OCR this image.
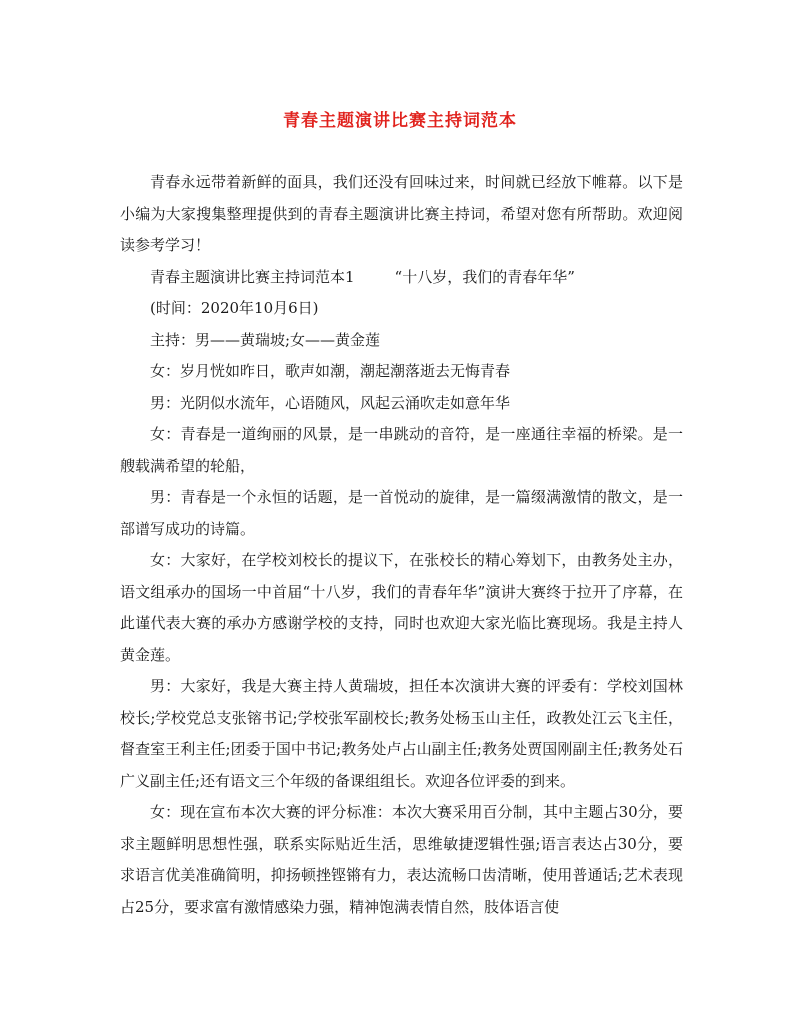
青春主题演讲比赛主持词范本

青春永远带着新鲜的面具，我们还没有回味过来，时间就已经放下帷幕。以下是小编为大家搜集整理提供到的青春主题演讲比赛主持词，希望对您有所帮助。欢迎阅读参考学习！

青春主题演讲比赛主持词范本1	“十八岁，我们的青春年华”

(时间：2020年10月6日)

主持：男——黄瑞坡;女——黄金莲

女：岁月恍如昨日，歌声如潮，潮起潮落逝去无悔青春

男：光阴似水流年，心语随风，风起云涌吹走如意年华

女：青春是一道绚丽的风景，是一串跳动的音符，是一座通往幸福的桥梁。是一艘载满希望的轮船，

男：青春是一个永恒的话题，是一首悦动的旋律，是一篇缀满激情的散文，是一部谱写成功的诗篇。

女：大家好，在学校刘校长的提议下，在张校长的精心筹划下，由教务处主办，语文组承办的国场一中首届“十八岁，我们的青春年华”演讲大赛终于拉开了序幕，在此谨代表大赛的承办方感谢学校的支持，同时也欢迎大家光临比赛现场。我是主持人黄金莲。

男：大家好，我是大赛主持人黄瑞坡，担任本次演讲大赛的评委有：学校刘国林校长;学校党总支张镕书记;学校张军副校长;教务处杨玉山主任，政教处江云飞主任，督查室王利主任;团委于国中书记;教务处卢占山副主任;教务处贾国刚副主任;教务处石广义副主任;还有语文三个年级的备课组组长。欢迎各位评委的到来。

女：现在宣布本次大赛的评分标准：本次大赛采用百分制，其中主题占30分，要求主题鲜明思想性强，联系实际贴近生活，思维敏捷逻辑性强;语言表达占30分，要求语言优美准确简明，抑扬顿挫铿锵有力，表达流畅口齿清晰，使用普通话;艺术表现占25分，要求富有激情感染力强，精神饱满表情自然，肢体语言使
